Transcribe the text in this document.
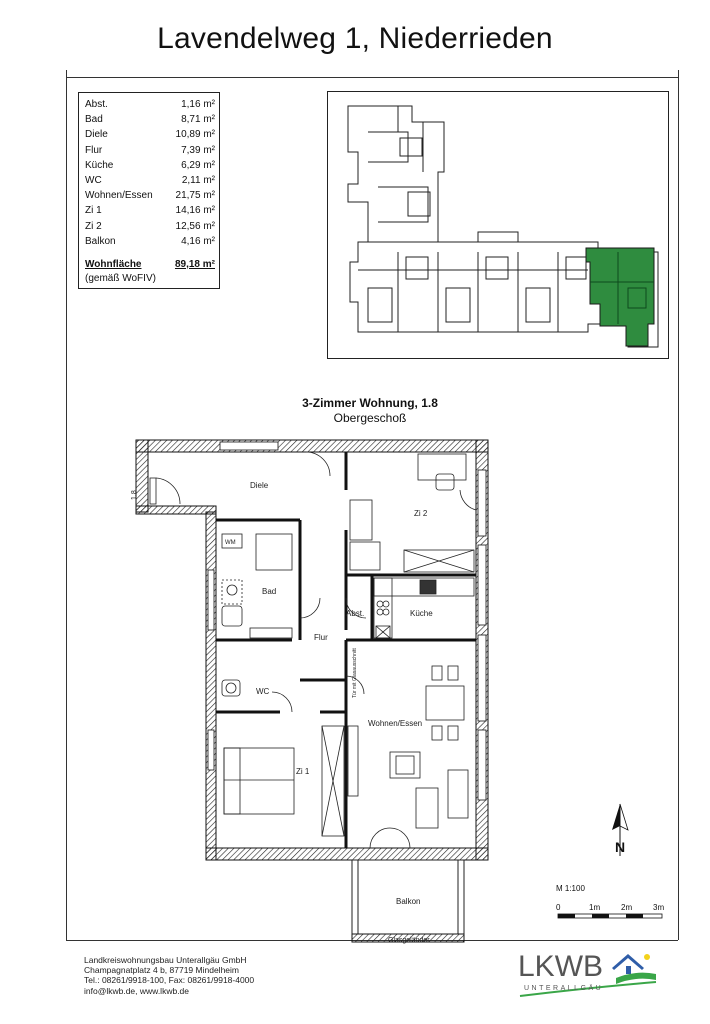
Lavendelweg 1, Niederrieden
Abst.	1,16 m²
Bad	8,71 m²
Diele	10,89 m²
Flur	7,39 m²
Küche	6,29 m²
WC	2,11 m²
Wohnen/Essen 21,75 m²
Zi 1	14,16 m²
Zi 2	12,56 m²
Balkon	4,16 m²
Wohnfläche	89,18 m²
(gemäß WoFIV)
3-Zimmer Wohnung, 1.8
Obergeschoß
Diele
Zi 2
WM
Bad
Abst.	Küche
Flur
WC	Tür mit Glasausschnitt
Wohnen/Essen
Zi 1
Balkon
Glasgeländer
1.8
N
M 1:100
0	1m	2m	3m
Landkreiswohnungsbau Unterallgäu GmbH
Champagnatplatz 4 b, 87719 Mindelheim
Tel.: 08261/9918-100, Fax: 08261/9918-4000
info@lkwb.de, www.lkwb.de
LKWB
UNTERALLGÄU
